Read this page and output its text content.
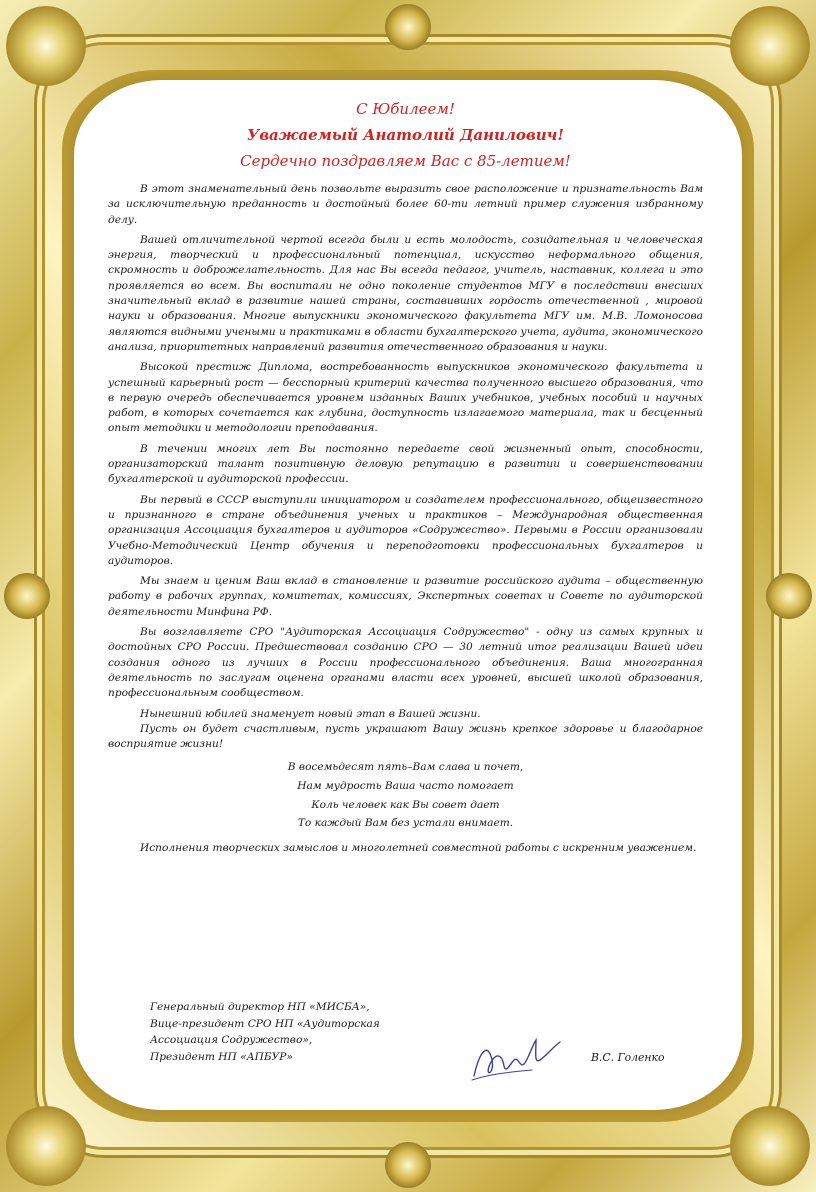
С Юбилеем!

Уважаемый Анатолий Данилович!

Сердечно поздравляем Вас с 85-летием!

В этот знаменательный день позвольте выразить свое расположение и признательность Вам за исключительную преданность и достойный более 60-ти летний пример служения избранному делу.

Вашей отличительной чертой всегда были и есть молодость, созидательная и человеческая энергия, творческий и профессиональный потенциал, искусство неформального общения, скромность и доброжелательность. Для нас Вы всегда педагог, учитель, наставник, коллега и это проявляется во всем. Вы воспитали не одно поколение студентов МГУ в последствии внесших значительный вклад в развитие нашей страны, составивших гордость отечественной , мировой науки и образования. Многие выпускники экономического факультета МГУ им. М.В. Ломоносова являются видными учеными и практиками в области бухгалтерского учета, аудита, экономического анализа, приоритетных направлений развития отечественного образования и науки.

Высокой престиж Диплома, востребованность выпускников экономического факультета и успешный карьерный рост — бесспорный критерий качества полученного высшего образования, что в первую очередь обеспечивается уровнем изданных Ваших учебников, учебных пособий и научных работ, в которых сочетается как глубина, доступность излагаемого материала, так и бесценный опыт методики и методологии преподавания.

В течении многих лет Вы постоянно передаете свой жизненный опыт, способности, организаторский талант позитивную деловую репутацию в развитии и совершенствовании бухгалтерской и аудиторской профессии.

Вы первый в СССР выступили инициатором и создателем профессионального, общеизвестного и признанного в стране объединения ученых и практиков – Международная общественная организация Ассоциация бухгалтеров и аудиторов «Содружество». Первыми в России организовали Учебно-Методический Центр обучения и переподготовки профессиональных бухгалтеров и аудиторов.

Мы знаем и ценим Ваш вклад в становление и развитие российского аудита – общественную работу в рабочих группах, комитетах, комиссиях, Экспертных советах и Совете по аудиторской деятельности Минфина РФ.

Вы возглавляете СРО "Аудиторская Ассоциация Содружество" - одну из самых крупных и достойных СРО России. Предшествовал созданию СРО — 30 летний итог реализации Вашей идеи создания одного из лучших в России профессионального объединения. Ваша многогранная деятельность по заслугам оценена органами власти всех уровней, высшей школой образования, профессиональным сообществом.

Нынешний юбилей знаменует новый этап в Вашей жизни.

Пусть он будет счастливым, пусть украшают Вашу жизнь крепкое здоровье и благодарное восприятие жизни!

В восемьдесят пять–Вам слава и почет,
Нам мудрость Ваша часто помогает
Коль человек как Вы совет дает
То каждый Вам без устали внимает.

Исполнения творческих замыслов и многолетней совместной работы с искренним уважением.

Генеральный директор НП «МИСБА»,
Вице-президент СРО НП «Аудиторская
Ассоциация Содружество»,
Президент НП «АПБУР»	В.С. Голенко
